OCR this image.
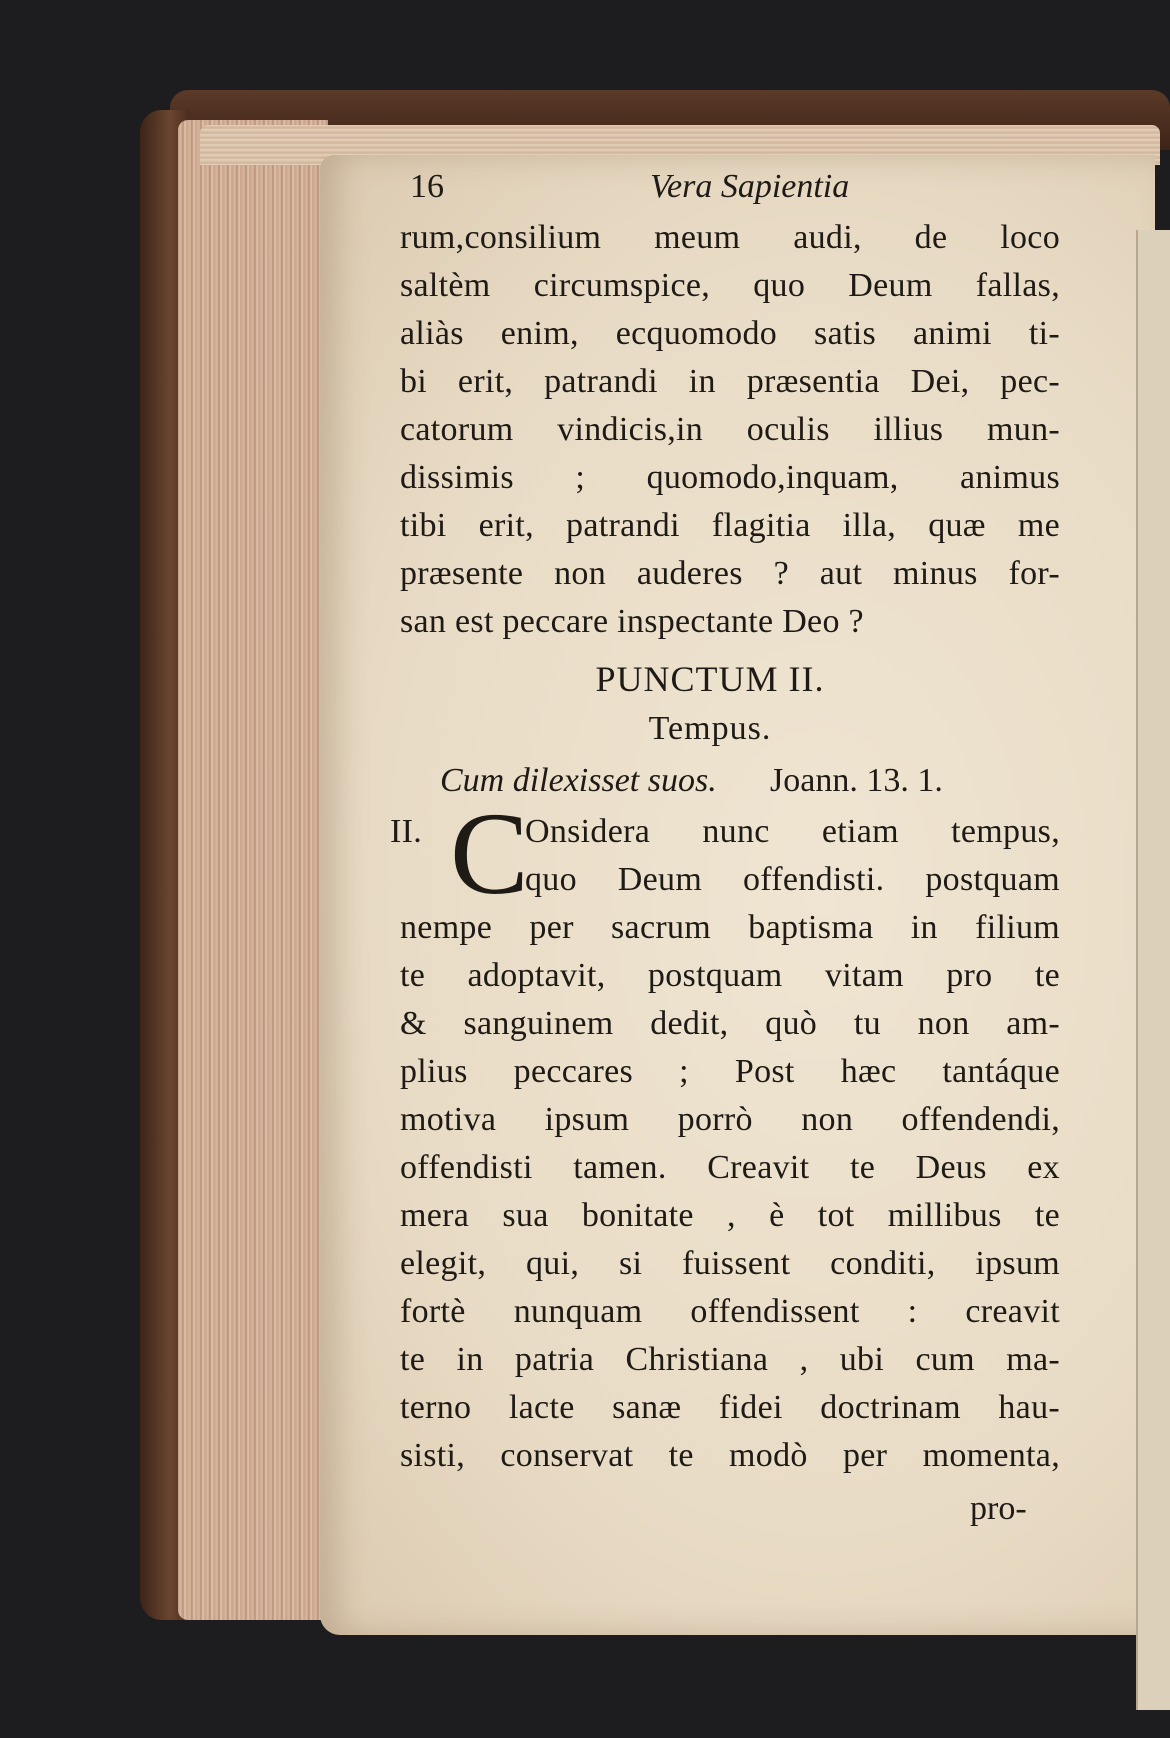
16	Vera Sapientia
rum,consilium meum audi, de loco
saltèm circumspice, quo Deum fallas,
aliàs enim, ecquomodo satis animi ti-
bi erit, patrandi in præsentia Dei, pec-
catorum vindicis,in oculis illius mun-
dissimis ; quomodo,inquam, animus
tibi erit, patrandi flagitia illa, quæ me
præsente non auderes ? aut minus for-
san est peccare inspectante Deo ?
PUNCTUM II.
Tempus.
Cum dilexisset suos. Joann. 13. 1.
II. C
Onsidera nunc etiam tempus,
quo Deum offendisti. postquam
nempe per sacrum baptisma in filium
te adoptavit, postquam vitam pro te
& sanguinem dedit, quò tu non am-
plius peccares ; Post hæc tantáque
motiva ipsum porrò non offendendi,
offendisti tamen. Creavit te Deus ex
mera sua bonitate , è tot millibus te
elegit, qui, si fuissent conditi, ipsum
fortè nunquam offendissent : creavit
te in patria Christiana , ubi cum ma-
terno lacte sanæ fidei doctrinam hau-
sisti, conservat te modò per momenta,
pro-
